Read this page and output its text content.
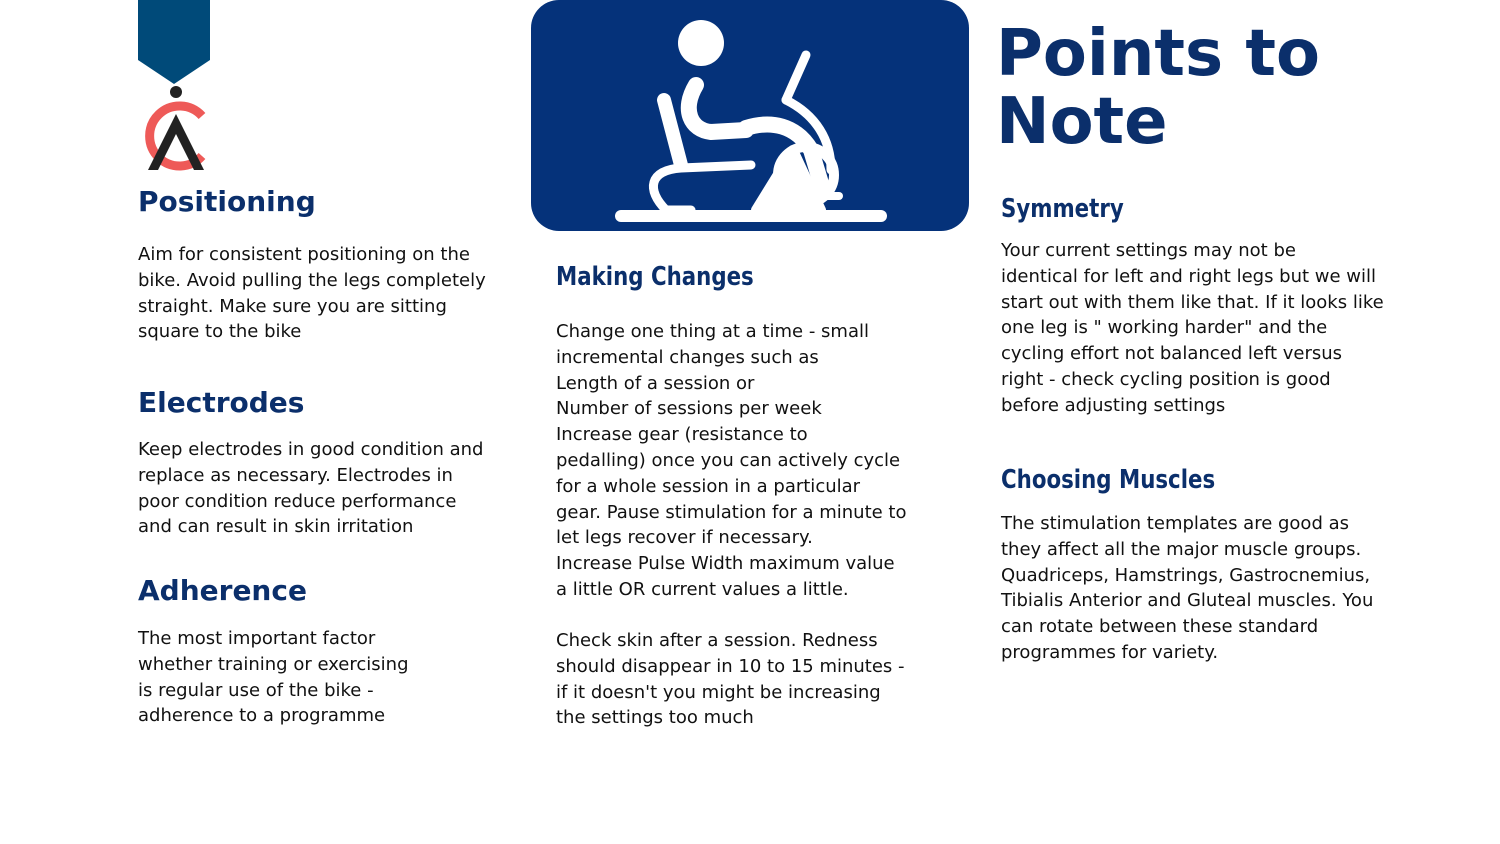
Points to
Note
Positioning

Aim for consistent positioning on the
bike. Avoid pulling the legs completely
straight. Make sure you are sitting
square to the bike

Electrodes

Keep electrodes in good condition and
replace as necessary. Electrodes in
poor condition reduce performance
and can result in skin irritation

Adherence

The most important factor
whether training or exercising
is regular use of the bike -
adherence to a programme

Making Changes

Change one thing at a time - small
incremental changes such as
Length of a session or
Number of sessions per week
Increase gear (resistance to
pedalling) once you can actively cycle
for a whole session in a particular
gear. Pause stimulation for a minute to
let legs recover if necessary.
Increase Pulse Width maximum value
a little OR current values a little.

Check skin after a session. Redness
should disappear in 10 to 15 minutes -
if it doesn't you might be increasing
the settings too much

Symmetry

Your current settings may not be
identical for left and right legs but we will
start out with them like that. If it looks like
one leg is " working harder" and the
cycling effort not balanced left versus
right - check cycling position is good
before adjusting settings

Choosing Muscles

The stimulation templates are good as
they affect all the major muscle groups.
Quadriceps, Hamstrings, Gastrocnemius,
Tibialis Anterior and Gluteal muscles. You
can rotate between these standard
programmes for variety.
